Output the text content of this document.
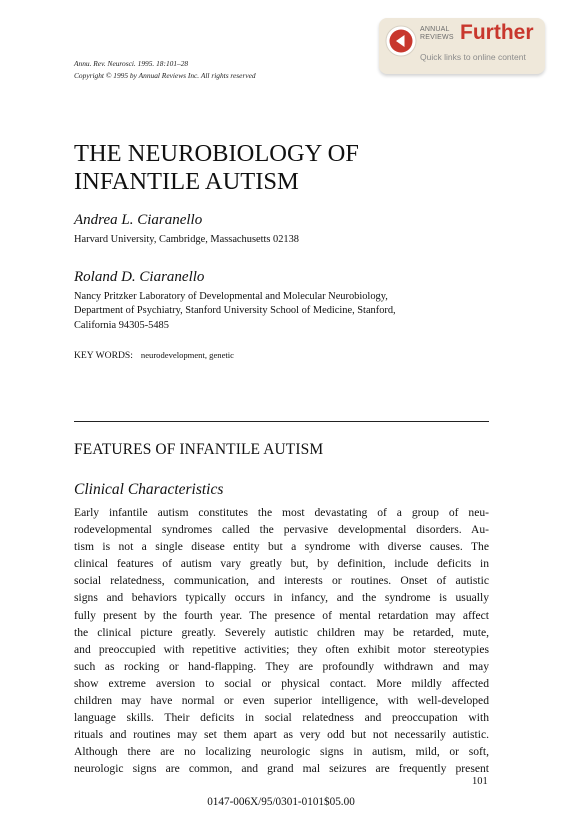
Annu. Rev. Neurosci. 1995. 18:101–28
Copyright © 1995 by Annual Reviews Inc. All rights reserved
ANNUAL
REVIEWS Further
Quick links to online content
THE NEUROBIOLOGY OF
INFANTILE AUTISM
Andrea L. Ciaranello
Harvard University, Cambridge, Massachusetts 02138
Roland D. Ciaranello
Nancy Pritzker Laboratory of Developmental and Molecular Neurobiology,
Department of Psychiatry, Stanford University School of Medicine, Stanford,
California 94305-5485
KEY WORDS: neurodevelopment, genetic
FEATURES OF INFANTILE AUTISM
Clinical Characteristics
Early infantile autism constitutes the most devastating of a group of neu-
rodevelopmental syndromes called the pervasive developmental disorders. Au-
tism is not a single disease entity but a syndrome with diverse causes. The
clinical features of autism vary greatly but, by definition, include deficits in
social relatedness, communication, and interests or routines. Onset of autistic
signs and behaviors typically occurs in infancy, and the syndrome is usually
fully present by the fourth year. The presence of mental retardation may affect
the clinical picture greatly. Severely autistic children may be retarded, mute,
and preoccupied with repetitive activities; they often exhibit motor stereotypies
such as rocking or hand-flapping. They are profoundly withdrawn and may
show extreme aversion to social or physical contact. More mildly affected
children may have normal or even superior intelligence, with well-developed
language skills. Their deficits in social relatedness and preoccupation with
rituals and routines may set them apart as very odd but not necessarily autistic.
Although there are no localizing neurologic signs in autism, mild, or soft,
neurologic signs are common, and grand mal seizures are frequently present
101
0147-006X/95/0301-0101$05.00
